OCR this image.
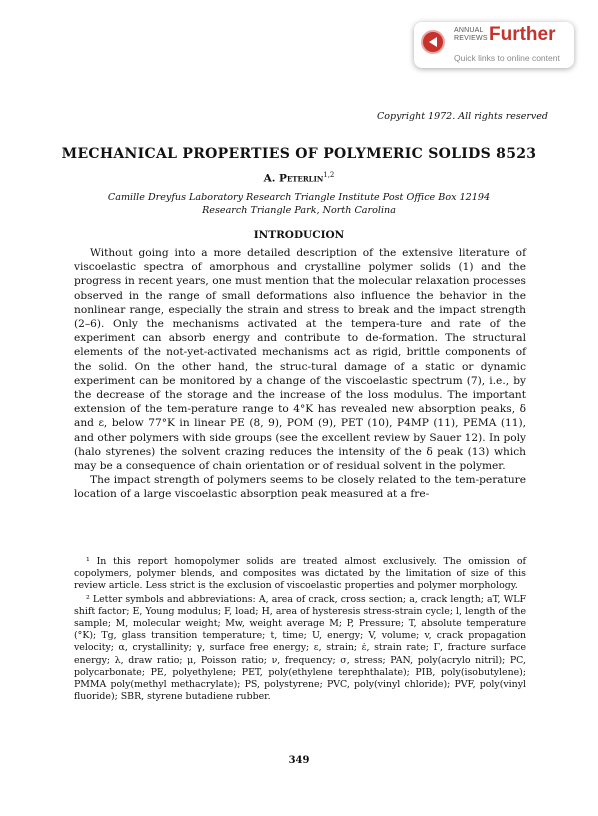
ANNUAL REVIEWS Further
Quick links to online content
Copyright 1972. All rights reserved
MECHANICAL PROPERTIES OF POLYMERIC SOLIDS 8523
A. Peterlin$^{1,2}$
Camille Dreyfus Laboratory Research Triangle Institute Post Office Box 12194
Research Triangle Park, North Carolina
INTRODUCION

Without going into a more detailed description of the extensive literature of viscoelastic spectra of amorphous and crystalline polymer solids (1) and the progress in recent years, one must mention that the molecular relaxation processes observed in the range of small deformations also influence the behavior in the nonlinear range, especially the strain and stress to break and the impact strength (2–6). Only the mechanisms activated at the tempera-ture and rate of the experiment can absorb energy and contribute to de-formation. The structural elements of the not-yet-activated mechanisms act as rigid, brittle components of the solid. On the other hand, the struc-tural damage of a static or dynamic experiment can be monitored by a change of the viscoelastic spectrum (7), i.e., by the decrease of the storage and the increase of the loss modulus. The important extension of the tem-perature range to 4°K has revealed new absorption peaks, δ and ε, below 77°K in linear PE (8, 9), POM (9), PET (10), P4MP (11), PEMA (11), and other polymers with side groups (see the excellent review by Sauer 12). In poly (halo styrenes) the solvent crazing reduces the intensity of the δ peak (13) which may be a consequence of chain orientation or of residual solvent in the polymer.

The impact strength of polymers seems to be closely related to the tem-perature location of a large viscoelastic absorption peak measured at a fre-

¹ In this report homopolymer solids are treated almost exclusively. The omission of copolymers, polymer blends, and composites was dictated by the limitation of size of this review article. Less strict is the exclusion of viscoelastic properties and polymer morphology.

² Letter symbols and abbreviations: A, area of crack, cross section; a, crack length; aT, WLF shift factor; E, Young modulus; F, load; H, area of hysteresis stress-strain cycle; l, length of the sample; M, molecular weight; Mw, weight average M; P, Pressure; T, absolute temperature (°K); Tg, glass transition temperature; t, time; U, energy; V, volume; v, crack propagation velocity; α, crystallinity; γ, surface free energy; ε, strain; ε̇, strain rate; Γ, fracture surface energy; λ, draw ratio; μ, Poisson ratio; ν, frequency; σ, stress; PAN, poly(acrylo nitril); PC, polycarbonate; PE, polyethylene; PET, poly(ethylene terephthalate); PIB, poly(isobutylene); PMMA poly(methyl methacrylate); PS, polystyrene; PVC, poly(vinyl chloride); PVF, poly(vinyl fluoride); SBR, styrene butadiene rubber.

349
